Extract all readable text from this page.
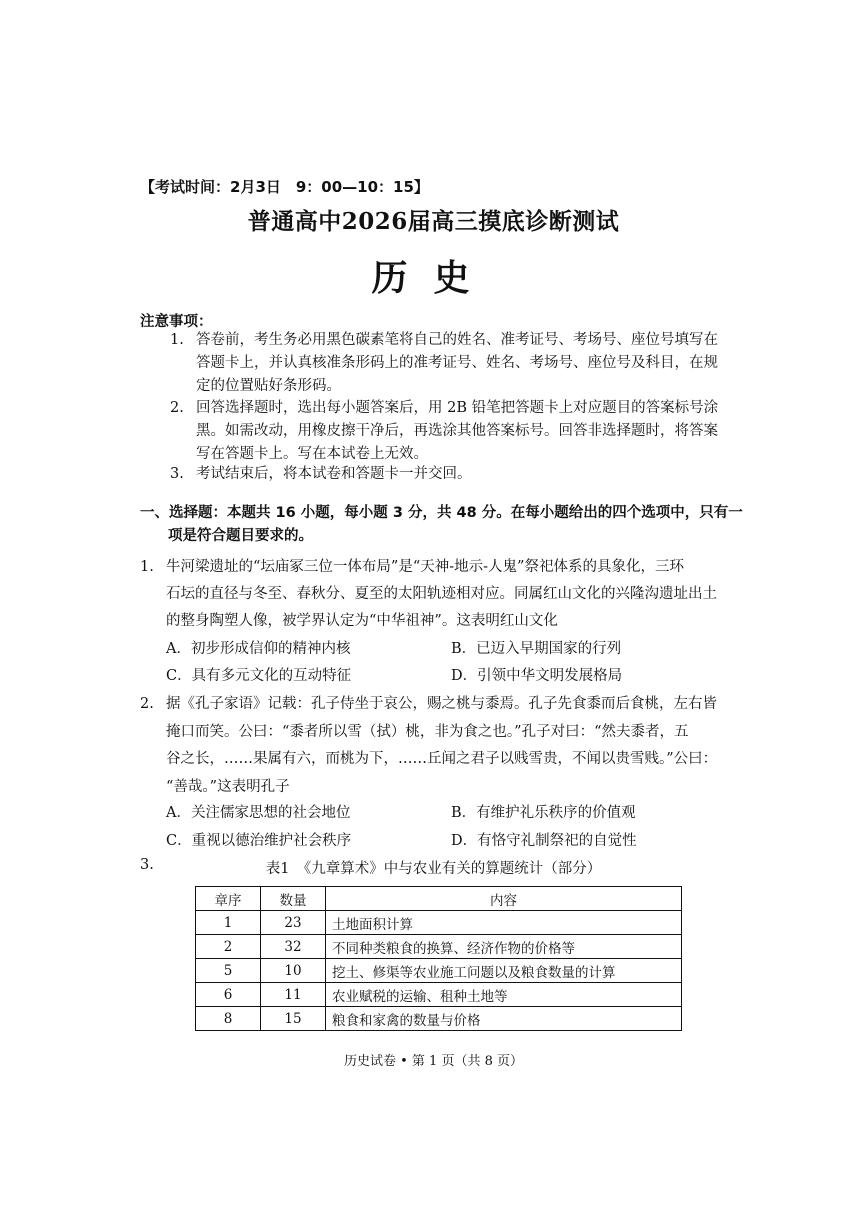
【考试时间：2月3日　9：00—10：15】
普通高中2026届高三摸底诊断测试
历史
注意事项：
1. 答卷前，考生务必用黑色碳素笔将自己的姓名、准考证号、考场号、座位号填写在
答题卡上，并认真核准条形码上的准考证号、姓名、考场号、座位号及科目，在规
定的位置贴好条形码。
2. 回答选择题时，选出每小题答案后，用 2B 铅笔把答题卡上对应题目的答案标号涂
黑。如需改动，用橡皮擦干净后，再选涂其他答案标号。回答非选择题时，将答案
写在答题卡上。写在本试卷上无效。
3. 考试结束后，将本试卷和答题卡一并交回。
一、选择题：本题共 16 小题，每小题 3 分，共 48 分。在每小题给出的四个选项中，只有一
项是符合题目要求的。
1. 牛河梁遗址的“坛庙冢三位一体布局”是“天神-地示-人鬼”祭祀体系的具象化，三环
石坛的直径与冬至、春秋分、夏至的太阳轨迹相对应。同属红山文化的兴隆沟遗址出土
的整身陶塑人像，被学界认定为“中华祖神”。这表明红山文化
A．初步形成信仰的精神内核	B．已迈入早期国家的行列
C．具有多元文化的互动特征	D．引领中华文明发展格局
2. 据《孔子家语》记载：孔子侍坐于哀公，赐之桃与黍焉。孔子先食黍而后食桃，左右皆
掩口而笑。公曰：“黍者所以雪（拭）桃，非为食之也。”孔子对曰：“然夫黍者，五
谷之长，……果属有六，而桃为下，……丘闻之君子以贱雪贵，不闻以贵雪贱。”公曰：
“善哉。”这表明孔子
A．关注儒家思想的社会地位	B．有维护礼乐秩序的价值观
C．重视以德治维护社会秩序	D．有恪守礼制祭祀的自觉性
3.	表1　《九章算术》中与农业有关的算题统计（部分）
章序	数量	内容
1	23	土地面积计算
2	32	不同种类粮食的换算、经济作物的价格等
5	10	挖土、修渠等农业施工问题以及粮食数量的计算
6	11	农业赋税的运输、租种土地等
8	15	粮食和家禽的数量与价格
历史试卷 • 第 1 页（共 8 页）
